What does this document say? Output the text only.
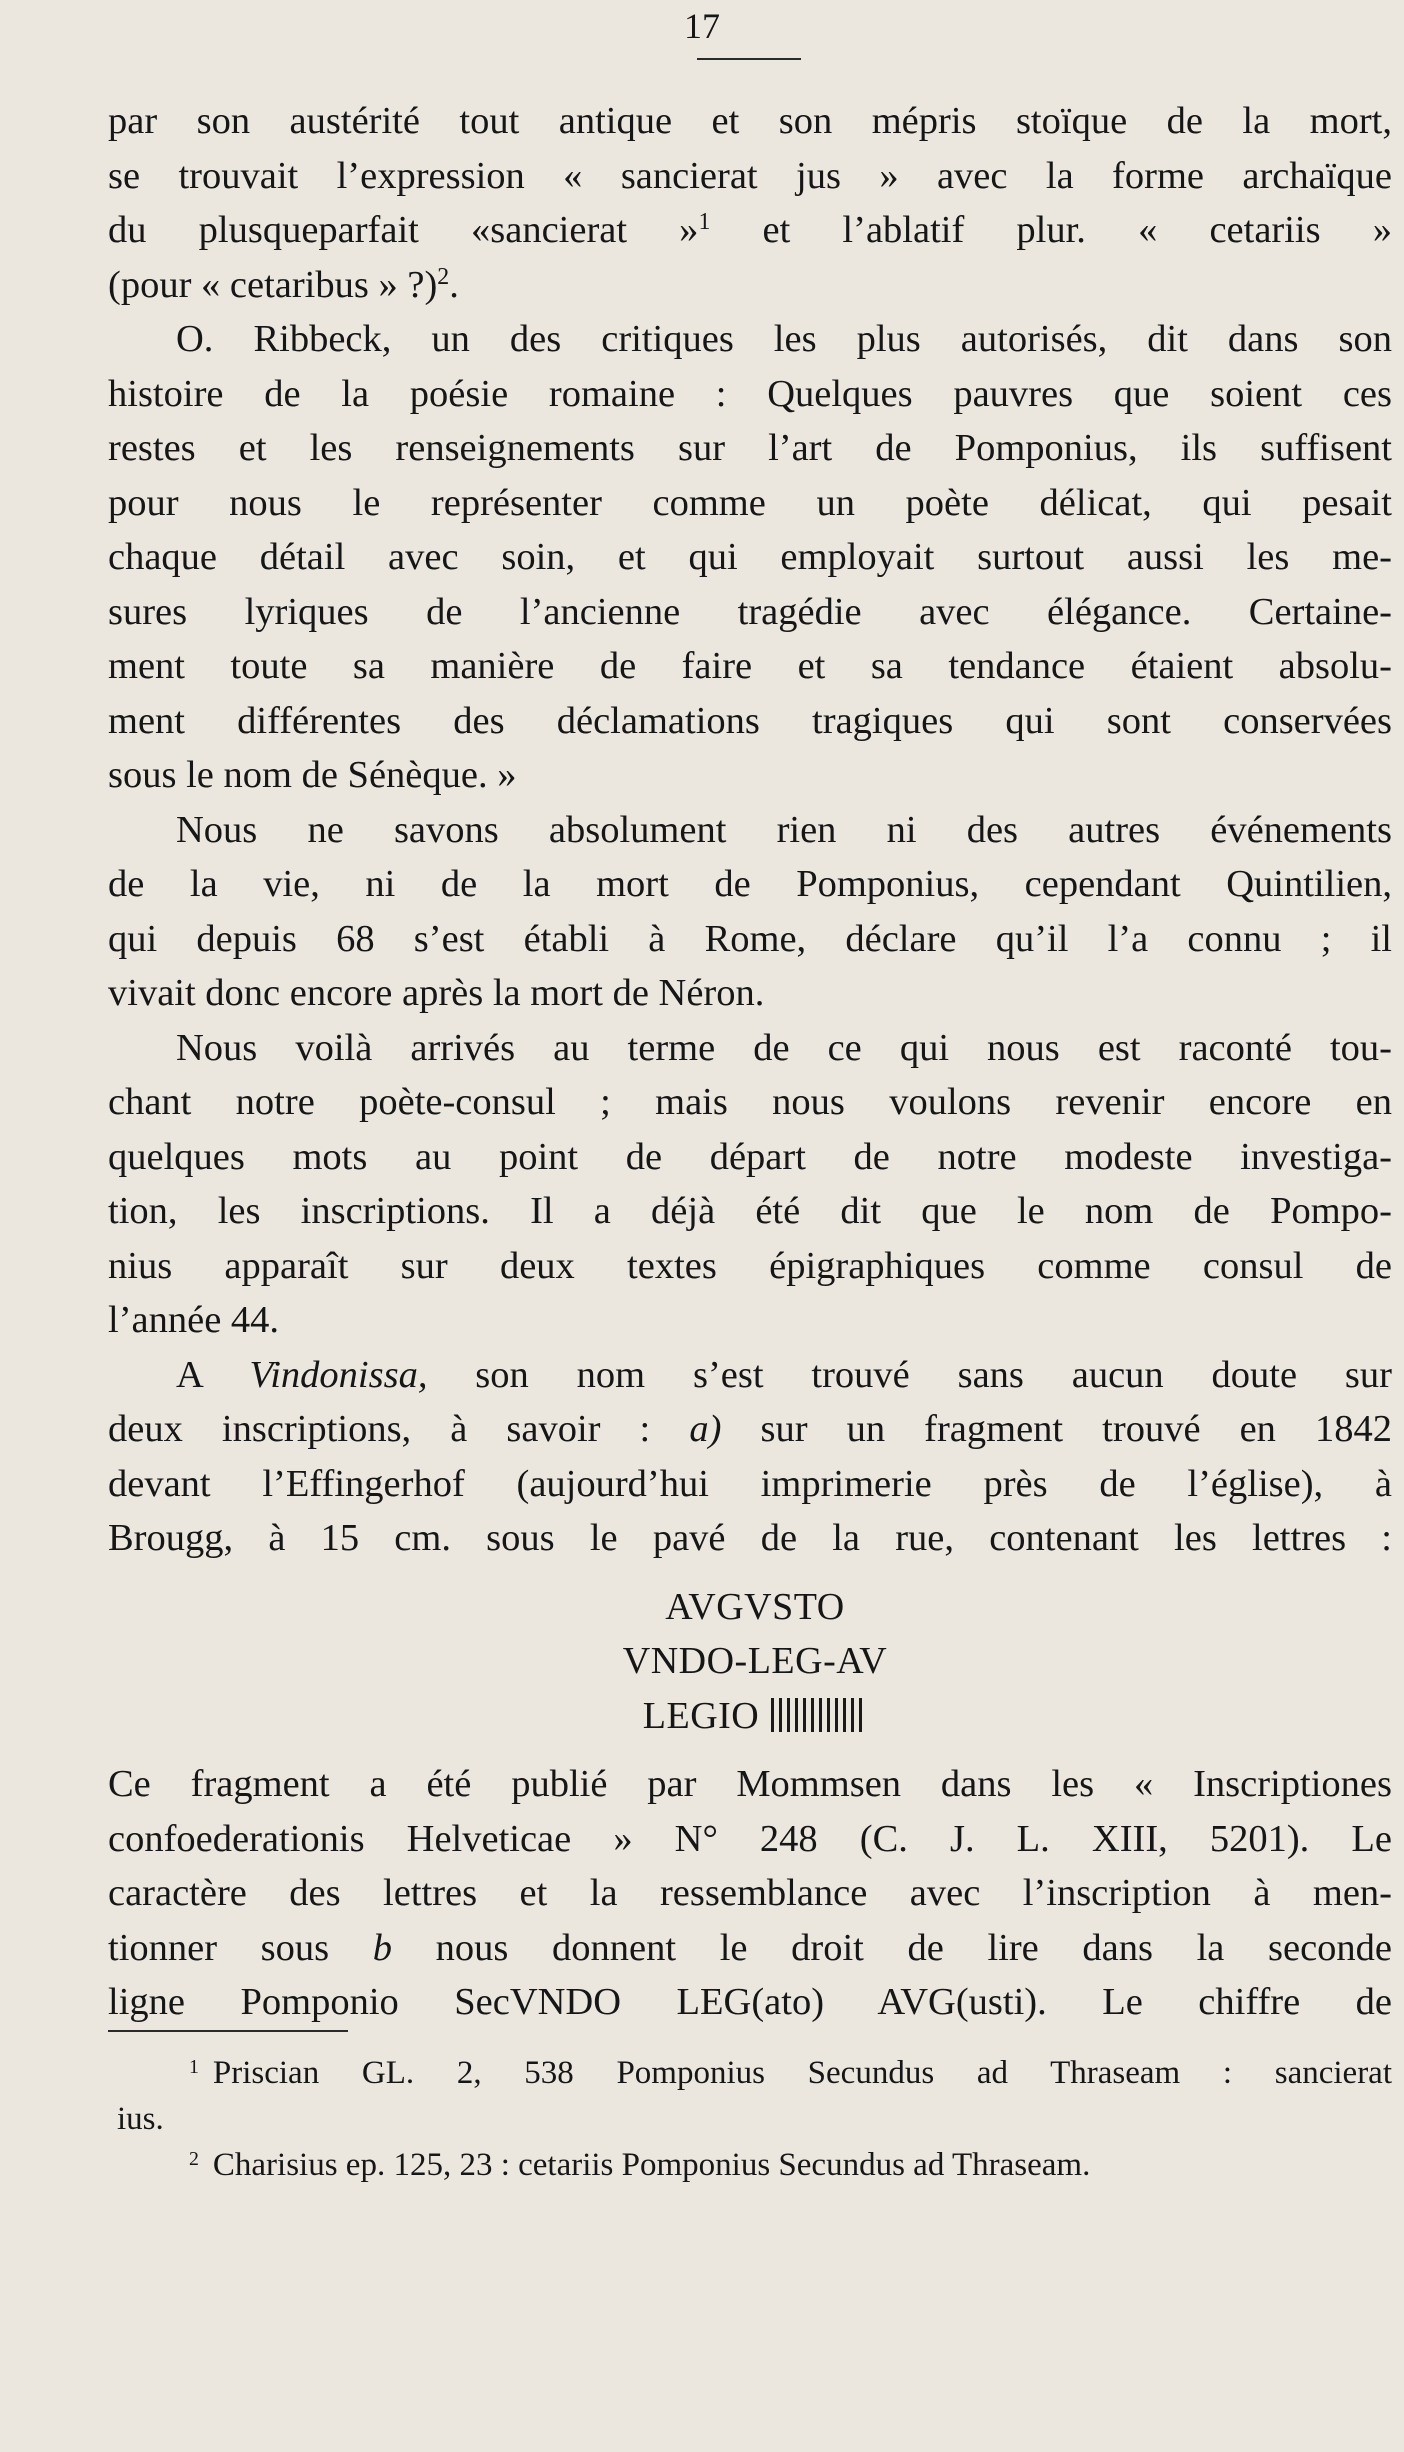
17
par son austérité tout antique et son mépris stoïque de la mort,
se trouvait l’expression « sancierat jus » avec la forme archaïque
du plusqueparfait «sancierat »$^1$ et l’ablatif plur. « cetariis »
(pour « cetaribus » ?)$^2$.
O. Ribbeck, un des critiques les plus autorisés, dit dans son
histoire de la poésie romaine : Quelques pauvres que soient ces
restes et les renseignements sur l’art de Pomponius, ils suffisent
pour nous le représenter comme un poète délicat, qui pesait
chaque détail avec soin, et qui employait surtout aussi les me-
sures lyriques de l’ancienne tragédie avec élégance. Certaine-
ment toute sa manière de faire et sa tendance étaient absolu-
ment différentes des déclamations tragiques qui sont conservées
sous le nom de Sénèque. »
Nous ne savons absolument rien ni des autres événements
de la vie, ni de la mort de Pomponius, cependant Quintilien,
qui depuis 68 s’est établi à Rome, déclare qu’il l’a connu ; il
vivait donc encore après la mort de Néron.
Nous voilà arrivés au terme de ce qui nous est raconté tou-
chant notre poète-consul ; mais nous voulons revenir encore en
quelques mots au point de départ de notre modeste investiga-
tion, les inscriptions. Il a déjà été dit que le nom de Pompo-
nius apparaît sur deux textes épigraphiques comme consul de
l’année 44.
A Vindonissa, son nom s’est trouvé sans aucun doute sur
deux inscriptions, à savoir : a) sur un fragment trouvé en 1842
devant l’Effingerhof (aujourd’hui imprimerie près de l’église), à
Brougg, à 15 cm. sous le pavé de la rue, contenant les lettres :
AVGVSTO
VNDO-LEG-AV
LEGIO
Ce fragment a été publié par Mommsen dans les « Inscriptiones
confoederationis Helveticae » N° 248 (C. J. L. XIII, 5201). Le
caractère des lettres et la ressemblance avec l’inscription à men-
tionner sous b nous donnent le droit de lire dans la seconde
ligne Pomponio SecVNDO LEG(ato) AVG(usti). Le chiffre de
$^1$ Priscian GL. 2, 538 Pomponius Secundus ad Thraseam : sancierat
ius.
$^2$ Charisius ep. 125, 23 : cetariis Pomponius Secundus ad Thraseam.
